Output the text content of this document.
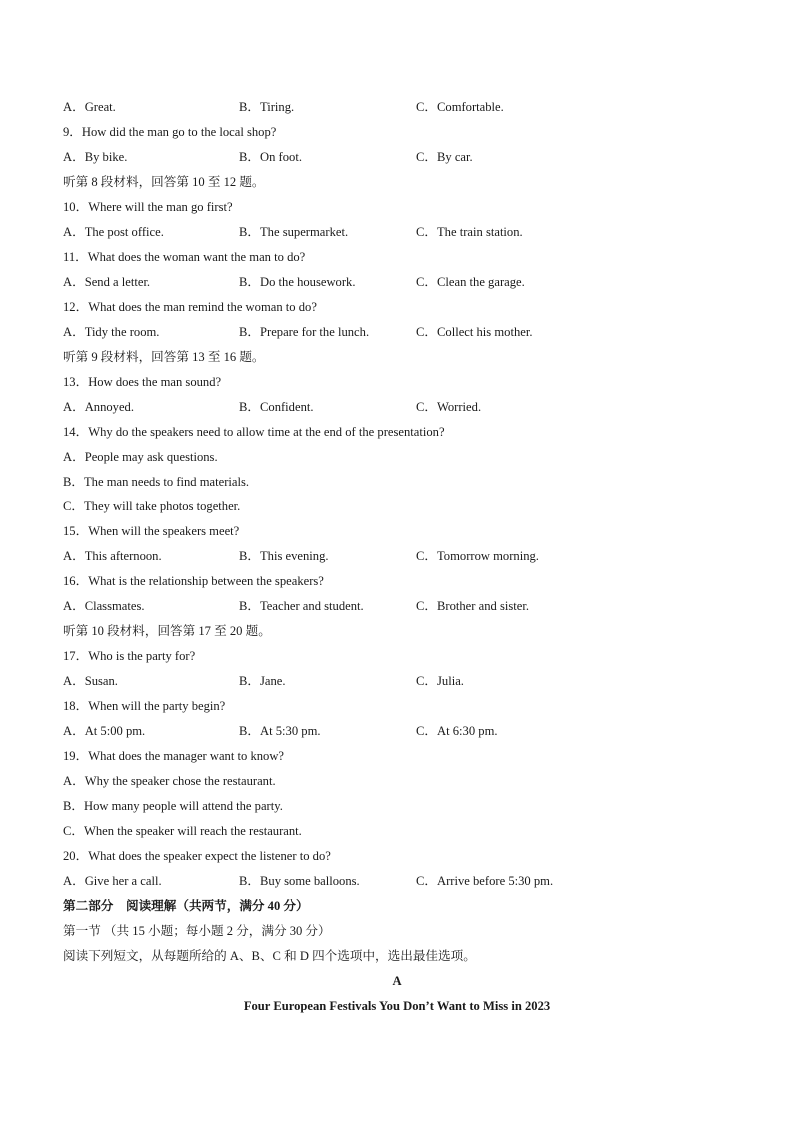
A．Great.	B．Tiring.	C．Comfortable.
9．How did the man go to the local shop?
A．By bike.	B．On foot.	C．By car.
听第 8 段材料，回答第 10 至 12 题。
10．Where will the man go first?
A．The post office.	B．The supermarket.	C．The train station.
11．What does the woman want the man to do?
A．Send a letter.	B．Do the housework.	C．Clean the garage.
12．What does the man remind the woman to do?
A．Tidy the room.	B．Prepare for the lunch.	C．Collect his mother.
听第 9 段材料，回答第 13 至 16 题。
13．How does the man sound?
A．Annoyed.	B．Confident.	C．Worried.
14．Why do the speakers need to allow time at the end of the presentation?
A．People may ask questions.
B．The man needs to find materials.
C．They will take photos together.
15．When will the speakers meet?
A．This afternoon.	B．This evening.	C．Tomorrow morning.
16．What is the relationship between the speakers?
A．Classmates.	B．Teacher and student.	C．Brother and sister.
听第 10 段材料，回答第 17 至 20 题。
17．Who is the party for?
A．Susan.	B．Jane.	C．Julia.
18．When will the party begin?
A．At 5:00 pm.	B．At 5:30 pm.	C．At 6:30 pm.
19．What does the manager want to know?
A．Why the speaker chose the restaurant.
B．How many people will attend the party.
C．When the speaker will reach the restaurant.
20．What does the speaker expect the listener to do?
A．Give her a call.	B．Buy some balloons.	C．Arrive before 5:30 pm.
第二部分　阅读理解（共两节，满分 40 分）
第一节 （共 15 小题；每小题 2 分，满分 30 分）
阅读下列短文，从每题所给的 A、B、C 和 D 四个选项中，选出最佳选项。
A
Four European Festivals You Don’t Want to Miss in 2023
